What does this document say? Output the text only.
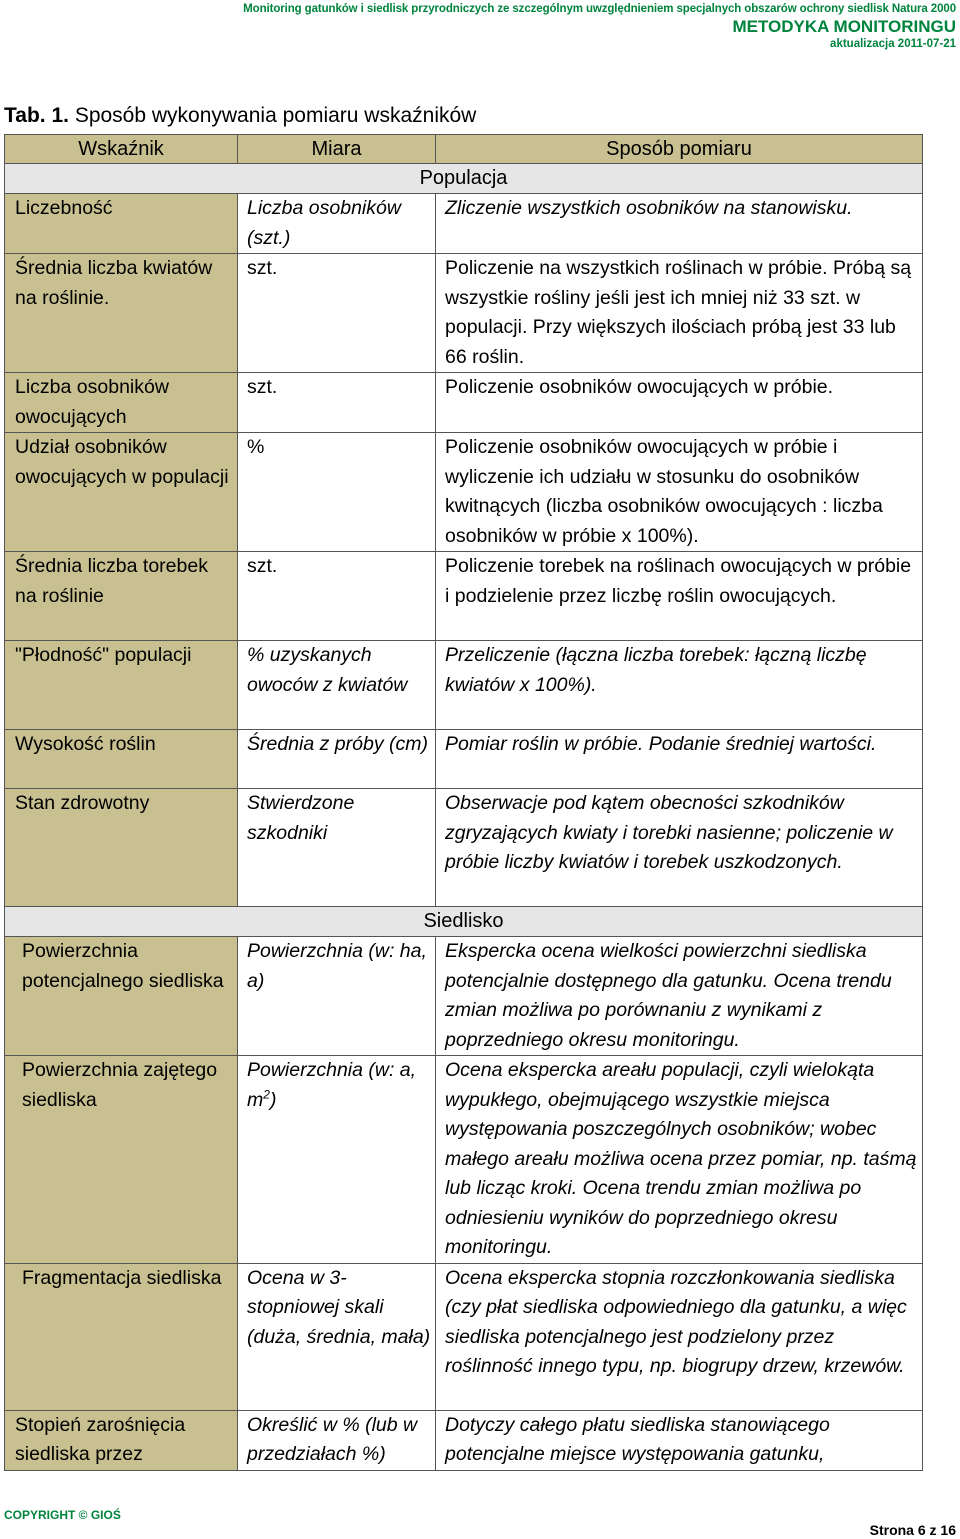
Monitoring gatunków i siedlisk przyrodniczych ze szczególnym uwzględnieniem specjalnych obszarów ochrony siedlisk Natura 2000
METODYKA MONITORINGU
aktualizacja 2011-07-21
Tab. 1. Sposób wykonywania pomiaru wskaźników
Wskaźnik	Miara	Sposób pomiaru
Populacja		
Liczebność	Liczba osobników (szt.)	Zliczenie wszystkich osobników na stanowisku.
Średnia liczba kwiatów na roślinie.	szt.	Policzenie na wszystkich roślinach w próbie. Próbą są wszystkie rośliny jeśli jest ich mniej niż 33 szt. w populacji. Przy większych ilościach próbą jest 33 lub 66 roślin.
Liczba osobników owocujących	szt.	Policzenie osobników owocujących w próbie.
Udział osobników owocujących w populacji	%	Policzenie osobników owocujących w próbie i wyliczenie ich udziału w stosunku do osobników kwitnących (liczba osobników owocujących : liczba osobników w próbie x 100%).
Średnia liczba torebek na roślinie	szt.	Policzenie torebek na roślinach owocujących w próbie i podzielenie przez liczbę roślin owocujących.
"Płodność" populacji	% uzyskanych owoców z kwiatów	Przeliczenie (łączna liczba torebek: łączną liczbę kwiatów x 100%).
Wysokość roślin	Średnia z próby (cm)	Pomiar roślin w próbie. Podanie średniej wartości.
Stan zdrowotny	Stwierdzone szkodniki	Obserwacje pod kątem obecności szkodników zgryzających kwiaty i torebki nasienne; policzenie w próbie liczby kwiatów i torebek uszkodzonych.
Siedlisko		
Powierzchnia potencjalnego siedliska	Powierzchnia (w: ha, a)	Ekspercka ocena wielkości powierzchni siedliska potencjalnie dostępnego dla gatunku. Ocena trendu zmian możliwa po porównaniu z wynikami z poprzedniego okresu monitoringu.
Powierzchnia zajętego siedliska	Powierzchnia (w: a, $m^2$)	Ocena ekspercka areału populacji, czyli wielokąta wypukłego, obejmującego wszystkie miejsca występowania poszczególnych osobników; wobec małego areału możliwa ocena przez pomiar, np. taśmą lub licząc kroki. Ocena trendu zmian możliwa po odniesieniu wyników do poprzedniego okresu monitoringu.
Fragmentacja siedliska	Ocena w 3-stopniowej skali (duża, średnia, mała)	Ocena ekspercka stopnia rozczłonkowania siedliska (czy płat siedliska odpowiedniego dla gatunku, a więc siedliska potencjalnego jest podzielony przez roślinność innego typu, np. biogrupy drzew, krzewów.
Stopień zarośnięcia siedliska przez	Określić w % (lub w przedziałach %)	Dotyczy całego płatu siedliska stanowiącego potencjalne miejsce występowania gatunku,
COPYRIGHT © GIOŚ
Strona 6 z 16
